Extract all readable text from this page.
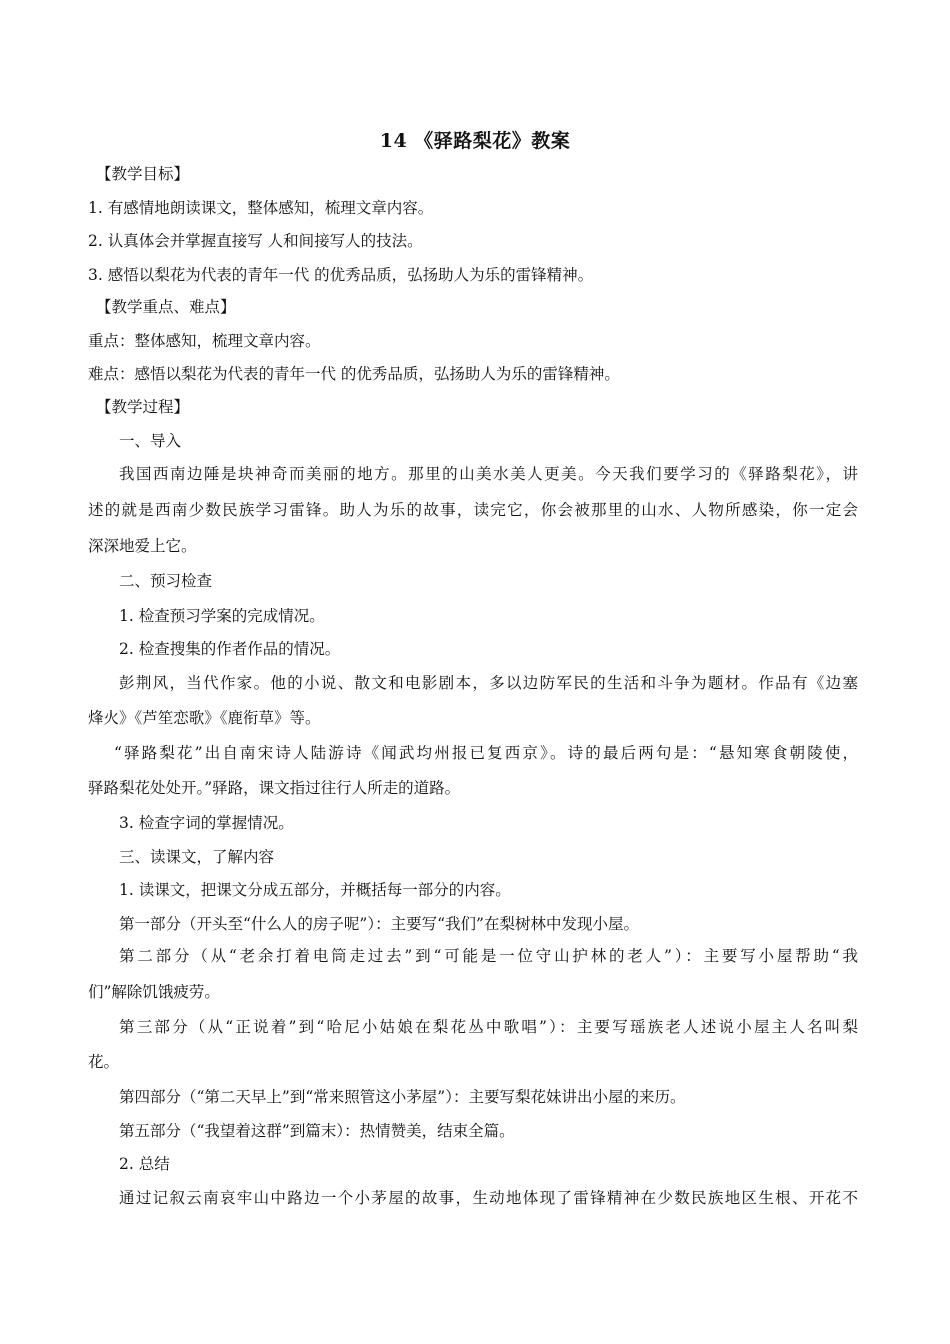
14 《驿路梨花》教案
【教学目标】
1. 有感情地朗读课文，整体感知，梳理文章内容。
2. 认真体会并掌握直接写 人和间接写人的技法。
3. 感悟以梨花为代表的青年一代 的优秀品质，弘扬助人为乐的雷锋精神。
【教学重点、难点】
重点：整体感知，梳理文章内容。
难点：感悟以梨花为代表的青年一代 的优秀品质，弘扬助人为乐的雷锋精神。
【教学过程】
一、导入
我国西南边陲是块神奇而美丽的地方。那里的山美水美人更美。今天我们要学习的《驿路梨花》，讲
述的就是西南少数民族学习雷锋。助人为乐的故事，读完它，你会被那里的山水、人物所感染，你一定会
深深地爱上它。
二、预习检查
1. 检查预习学案的完成情况。
2. 检查搜集的作者作品的情况。
彭荆风，当代作家。他的小说、散文和电影剧本，多以边防军民的生活和斗争为题材。作品有《边塞
烽火》《芦笙恋歌》《鹿衔草》等。
“驿路梨花”出自南宋诗人陆游诗《闻武均州报已复西京》。诗的最后两句是：“悬知寒食朝陵使，
驿路梨花处处开。”驿路，课文指过往行人所走的道路。
3. 检查字词的掌握情况。
三、读课文，了解内容
1. 读课文，把课文分成五部分，并概括每一部分的内容。
第一部分（开头至“什么人的房子呢”）：主要写“我们”在梨树林中发现小屋。
第二部分（从“老余打着电筒走过去”到“可能是一位守山护林的老人”）：主要写小屋帮助“我
们”解除饥饿疲劳。
第三部分（从“正说着”到“哈尼小姑娘在梨花丛中歌唱”）：主要写瑶族老人述说小屋主人名叫梨
花。
第四部分（“第二天早上”到“常来照管这小茅屋”）：主要写梨花妹讲出小屋的来历。
第五部分（“我望着这群”到篇末）：热情赞美，结束全篇。
2. 总结
通过记叙云南哀牢山中路边一个小茅屋的故事，生动地体现了雷锋精神在少数民族地区生根、开花不
